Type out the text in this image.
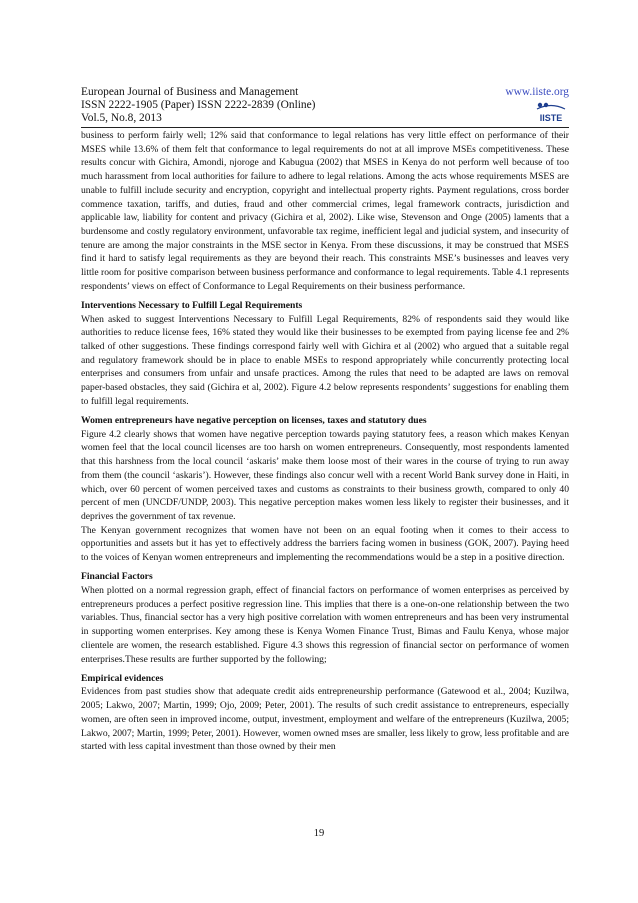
European Journal of Business and Management
ISSN 2222-1905 (Paper) ISSN 2222-2839 (Online)
Vol.5, No.8, 2013
www.iiste.org
IISTE

business to perform fairly well; 12% said that conformance to legal relations has very little effect on performance of their MSES while 13.6% of them felt that conformance to legal requirements do not at all improve MSEs competitiveness. These results concur with Gichira, Amondi, njoroge and Kabugua (2002) that MSES in Kenya do not perform well because of too much harassment from local authorities for failure to adhere to legal relations. Among the acts whose requirements MSES are unable to fulfill include security and encryption, copyright and intellectual property rights. Payment regulations, cross border commence taxation, tariffs, and duties, fraud and other commercial crimes, legal framework contracts, jurisdiction and applicable law, liability for content and privacy (Gichira et al, 2002). Like wise, Stevenson and Onge (2005) laments that a burdensome and costly regulatory environment, unfavorable tax regime, inefficient legal and judicial system, and insecurity of tenure are among the major constraints in the MSE sector in Kenya. From these discussions, it may be construed that MSES find it hard to satisfy legal requirements as they are beyond their reach. This constraints MSE’s businesses and leaves very little room for positive comparison between business performance and conformance to legal requirements. Table 4.1 represents respondents’ views on effect of Conformance to Legal Requirements on their business performance.

Interventions Necessary to Fulfill Legal Requirements

When asked to suggest Interventions Necessary to Fulfill Legal Requirements, 82% of respondents said they would like authorities to reduce license fees, 16% stated they would like their businesses to be exempted from paying license fee and 2% talked of other suggestions. These findings correspond fairly well with Gichira et al (2002) who argued that a suitable regal and regulatory framework should be in place to enable MSEs to respond appropriately while concurrently protecting local enterprises and consumers from unfair and unsafe practices. Among the rules that need to be adapted are laws on removal paper-based obstacles, they said (Gichira et al, 2002). Figure 4.2 below represents respondents’ suggestions for enabling them to fulfill legal requirements.

Women entrepreneurs have negative perception on licenses, taxes and statutory dues

Figure 4.2 clearly shows that women have negative perception towards paying statutory fees, a reason which makes Kenyan women feel that the local council licenses are too harsh on women entrepreneurs. Consequently, most respondents lamented that this harshness from the local council ‘askaris’ make them loose most of their wares in the course of trying to run away from them (the council ‘askaris’). However, these findings also concur well with a recent World Bank survey done in Haiti, in which, over 60 percent of women perceived taxes and customs as constraints to their business growth, compared to only 40 percent of men (UNCDF/UNDP, 2003). This negative perception makes women less likely to register their businesses, and it deprives the government of tax revenue.

The Kenyan government recognizes that women have not been on an equal footing when it comes to their access to opportunities and assets but it has yet to effectively address the barriers facing women in business (GOK, 2007). Paying heed to the voices of Kenyan women entrepreneurs and implementing the recommendations would be a step in a positive direction.

Financial Factors

When plotted on a normal regression graph, effect of financial factors on performance of women enterprises as perceived by entrepreneurs produces a perfect positive regression line. This implies that there is a one-on-one relationship between the two variables. Thus, financial sector has a very high positive correlation with women entrepreneurs and has been very instrumental in supporting women enterprises. Key among these is Kenya Women Finance Trust, Bimas and Faulu Kenya, whose major clientele are women, the research established. Figure 4.3 shows this regression of financial sector on performance of women enterprises.These results are further supported by the following;

Empirical evidences

Evidences from past studies show that adequate credit aids entrepreneurship performance (Gatewood et al., 2004; Kuzilwa, 2005; Lakwo, 2007; Martin, 1999; Ojo, 2009; Peter, 2001). The results of such credit assistance to entrepreneurs, especially women, are often seen in improved income, output, investment, employment and welfare of the entrepreneurs (Kuzilwa, 2005; Lakwo, 2007; Martin, 1999; Peter, 2001). However, women owned mses are smaller, less likely to grow, less profitable and are started with less capital investment than those owned by their men

19
